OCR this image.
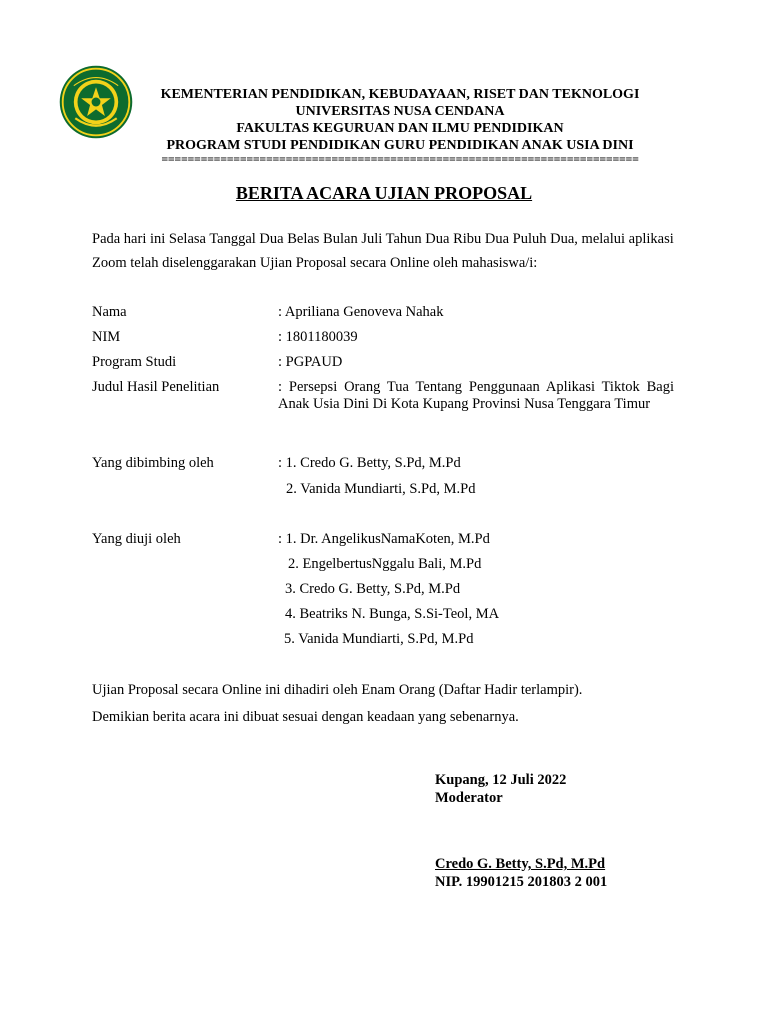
KEMENTERIAN PENDIDIKAN, KEBUDAYAAN, RISET DAN TEKNOLOGI
UNIVERSITAS NUSA CENDANA
FAKULTAS KEGURUAN DAN ILMU PENDIDIKAN
PROGRAM STUDI PENDIDIKAN GURU PENDIDIKAN ANAK USIA DINI
=========================================================================
BERITA ACARA UJIAN PROPOSAL
Pada hari ini Selasa Tanggal Dua Belas Bulan Juli Tahun Dua Ribu Dua Puluh Dua, melalui aplikasi Zoom telah diselenggarakan Ujian Proposal secara Online oleh mahasiswa/i:
Nama	: Apriliana Genoveva Nahak
NIM	: 1801180039
Program Studi	: PGPAUD
Judul Hasil Penelitian	: Persepsi Orang Tua Tentang Penggunaan Aplikasi Tiktok Bagi Anak Usia Dini Di Kota Kupang Provinsi Nusa Tenggara Timur
Yang dibimbing oleh	: 1. Credo G. Betty, S.Pd, M.Pd
2. Vanida Mundiarti, S.Pd, M.Pd
Yang diuji oleh	: 1. Dr. AngelikusNamaKoten, M.Pd
2. EngelbertusNggalu Bali, M.Pd
3. Credo G. Betty, S.Pd, M.Pd
4. Beatriks N. Bunga, S.Si-Teol, MA
5. Vanida Mundiarti, S.Pd, M.Pd
Ujian Proposal secara Online ini dihadiri oleh Enam Orang (Daftar Hadir terlampir).
Demikian berita acara ini dibuat sesuai dengan keadaan yang sebenarnya.
Kupang, 12 Juli 2022
Moderator
Credo G. Betty, S.Pd, M.Pd
NIP. 19901215 201803 2 001
